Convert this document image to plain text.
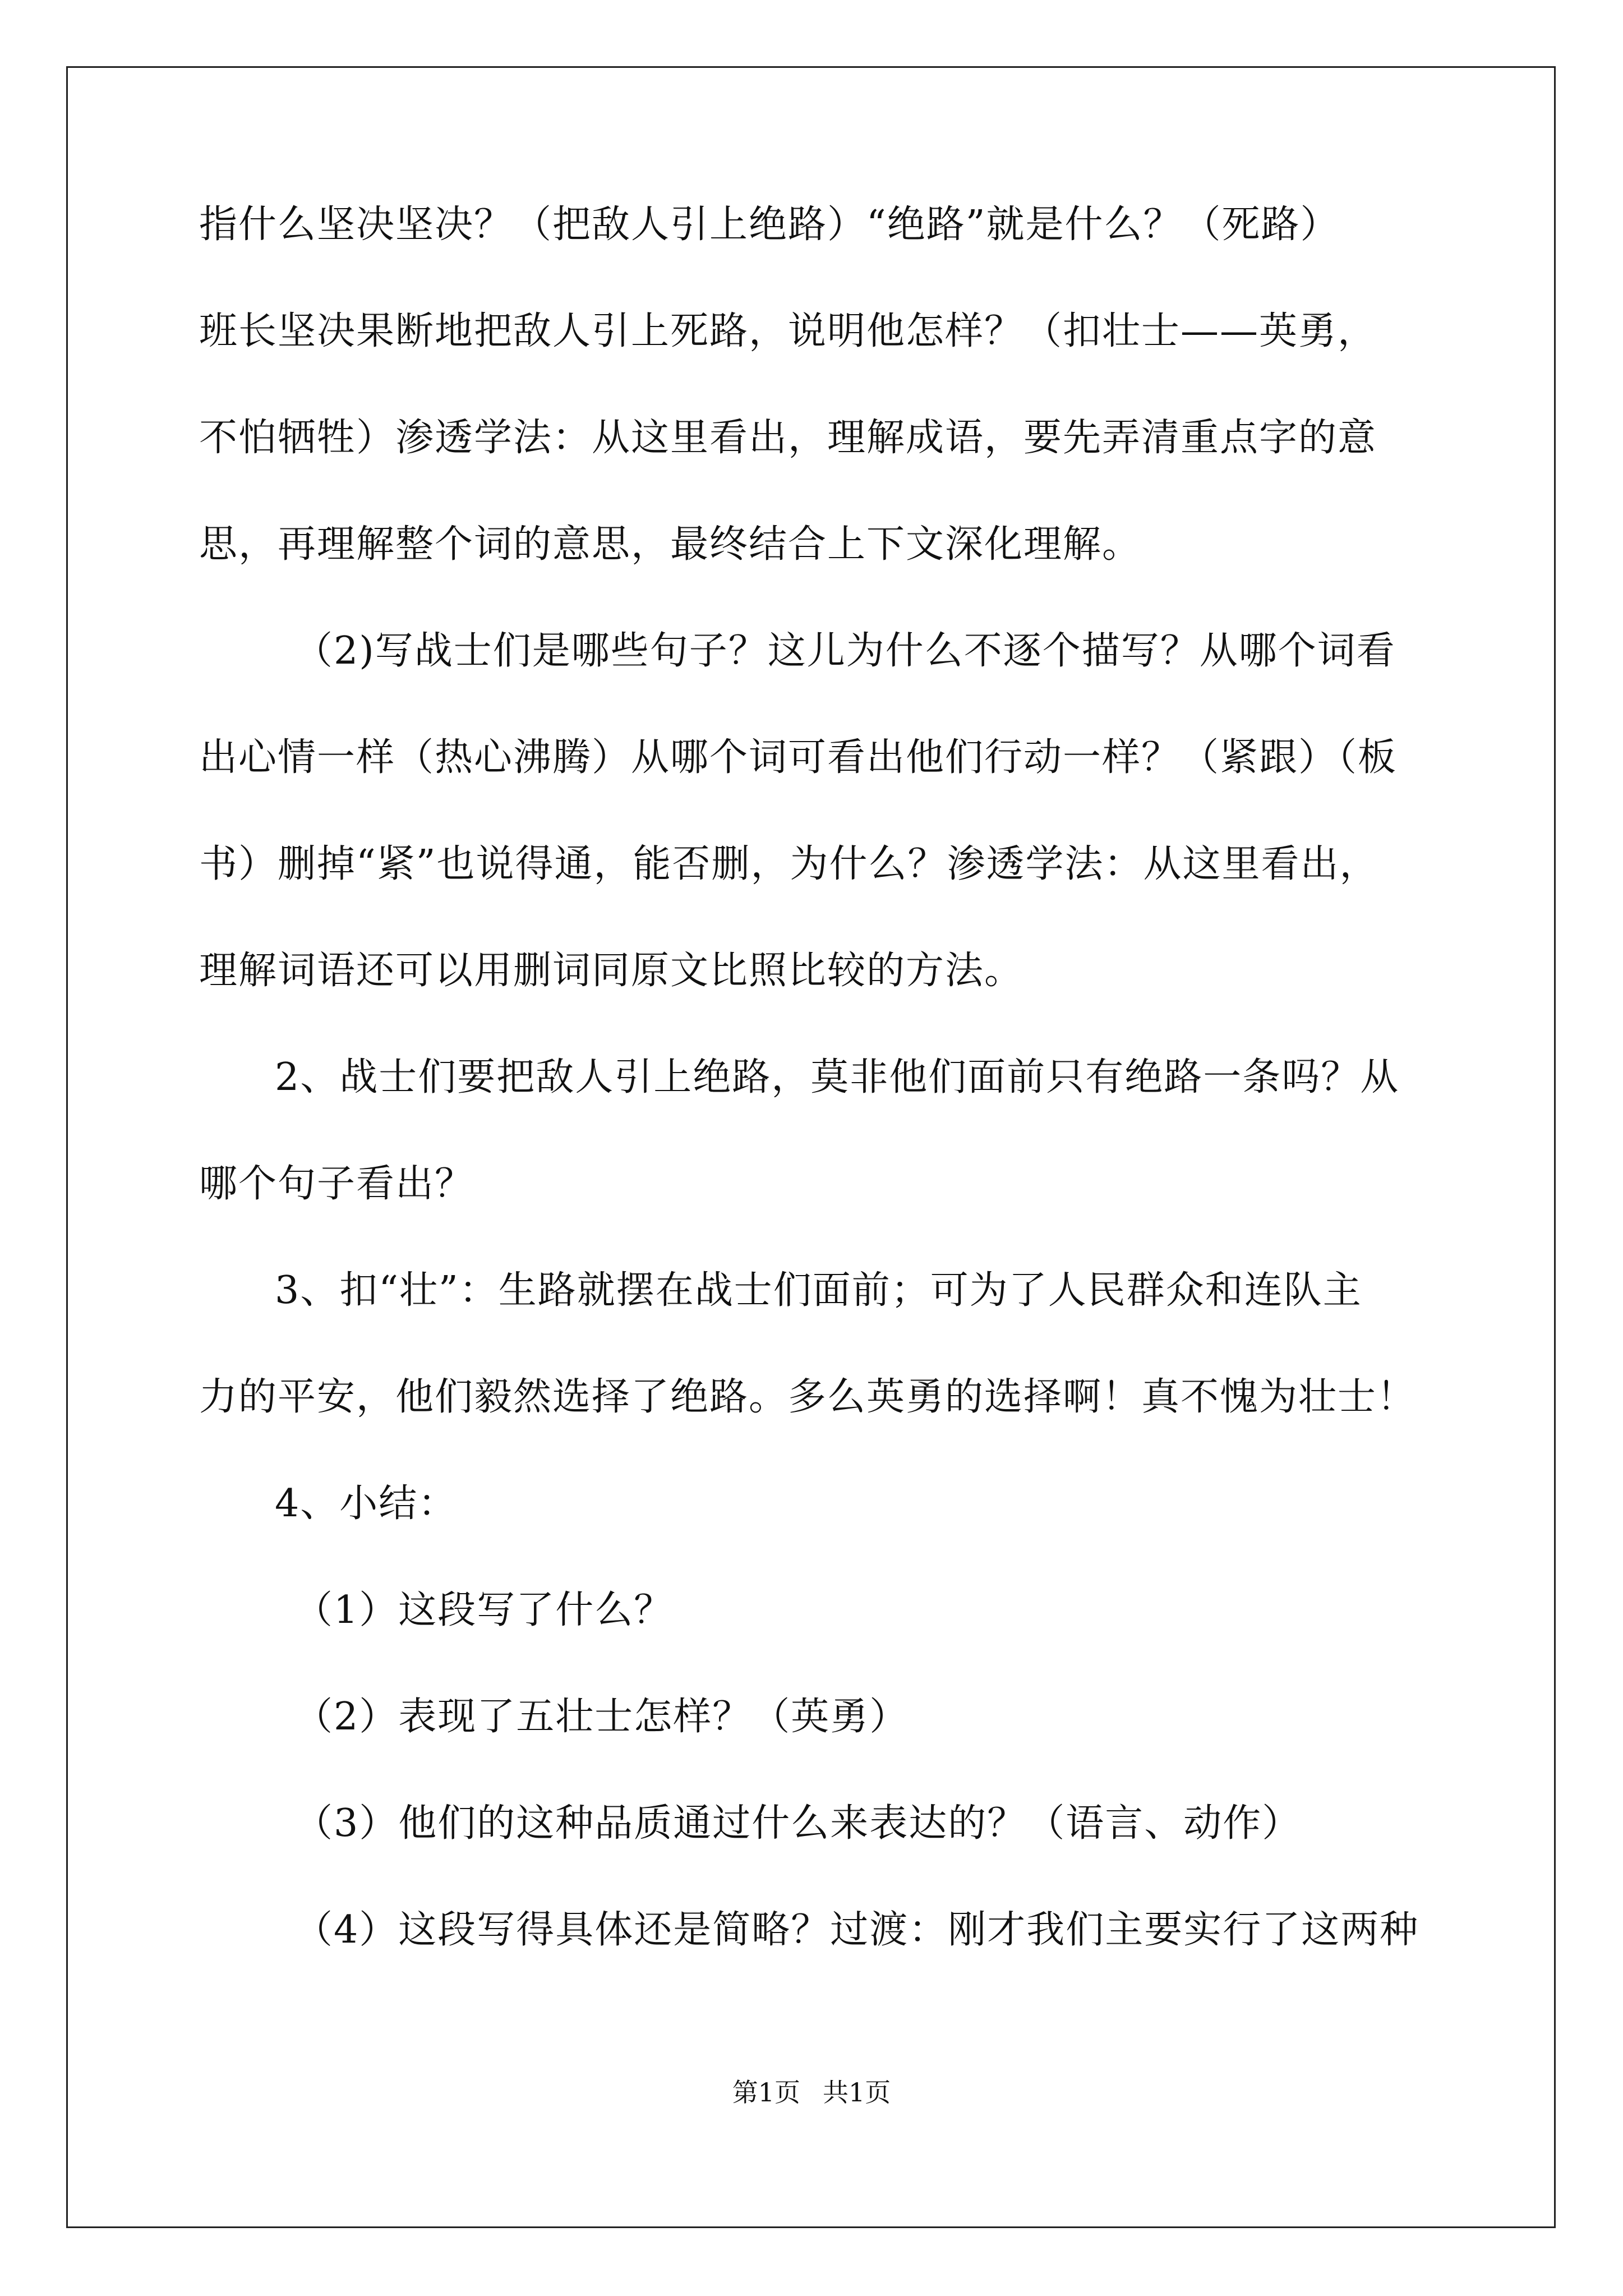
指什么坚决坚决？（把敌人引上绝路）“绝路”就是什么？（死路）
班长坚决果断地把敌人引上死路，说明他怎样？（扣壮士——英勇，
不怕牺牲）渗透学法：从这里看出，理解成语，要先弄清重点字的意
思，再理解整个词的意思，最终结合上下文深化理解。
（2)写战士们是哪些句子？这儿为什么不逐个描写？从哪个词看
出心情一样（热心沸腾）从哪个词可看出他们行动一样？（紧跟）（板
书）删掉“紧”也说得通，能否删，为什么？渗透学法：从这里看出，
理解词语还可以用删词同原文比照比较的方法。
2、战士们要把敌人引上绝路，莫非他们面前只有绝路一条吗？从
哪个句子看出？
3、扣“壮”：生路就摆在战士们面前；可为了人民群众和连队主
力的平安，他们毅然选择了绝路。多么英勇的选择啊！真不愧为壮士！
4、小结：
（1）这段写了什么？
（2）表现了五壮士怎样？（英勇）
（3）他们的这种品质通过什么来表达的？（语言、动作）
（4）这段写得具体还是简略？过渡：刚才我们主要实行了这两种
第1页 共1页
